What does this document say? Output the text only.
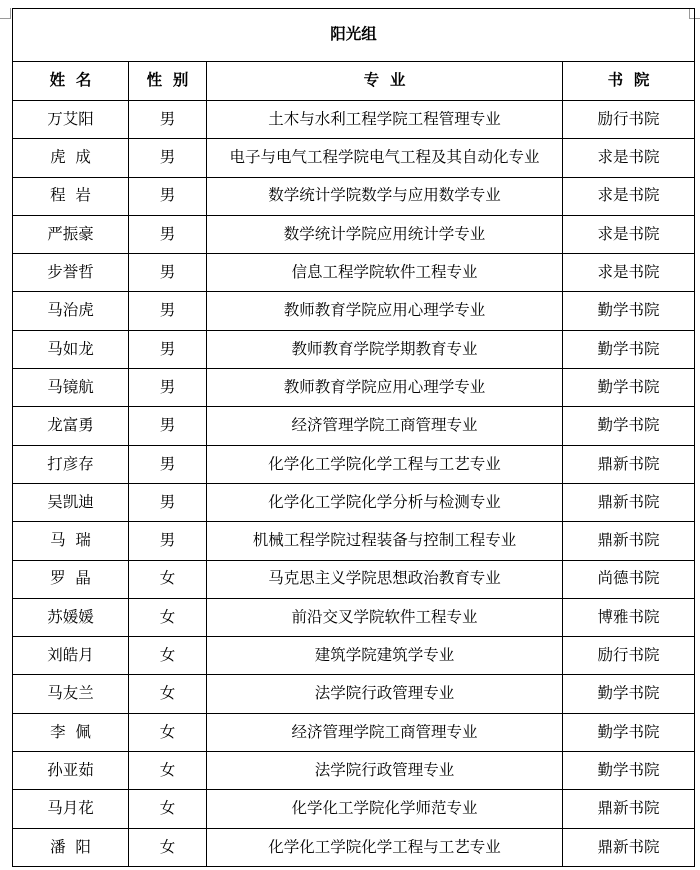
阳光组			
姓  名	性  别	专  业	书  院
万艾阳	男	土木与水利工程学院工程管理专业	励行书院
虎  成	男	电子与电气工程学院电气工程及其自动化专业	求是书院
程  岩	男	数学统计学院数学与应用数学专业	求是书院
严振豪	男	数学统计学院应用统计学专业	求是书院
步誉哲	男	信息工程学院软件工程专业	求是书院
马治虎	男	教师教育学院应用心理学专业	勤学书院
马如龙	男	教师教育学院学期教育专业	勤学书院
马镜航	男	教师教育学院应用心理学专业	勤学书院
龙富勇	男	经济管理学院工商管理专业	勤学书院
打彦存	男	化学化工学院化学工程与工艺专业	鼎新书院
吴凯迪	男	化学化工学院化学分析与检测专业	鼎新书院
马  瑞	男	机械工程学院过程装备与控制工程专业	鼎新书院
罗  晶	女	马克思主义学院思想政治教育专业	尚德书院
苏媛媛	女	前沿交叉学院软件工程专业	博雅书院
刘皓月	女	建筑学院建筑学专业	励行书院
马友兰	女	法学院行政管理专业	勤学书院
李  佩	女	经济管理学院工商管理专业	勤学书院
孙亚茹	女	法学院行政管理专业	勤学书院
马月花	女	化学化工学院化学师范专业	鼎新书院
潘  阳	女	化学化工学院化学工程与工艺专业	鼎新书院
